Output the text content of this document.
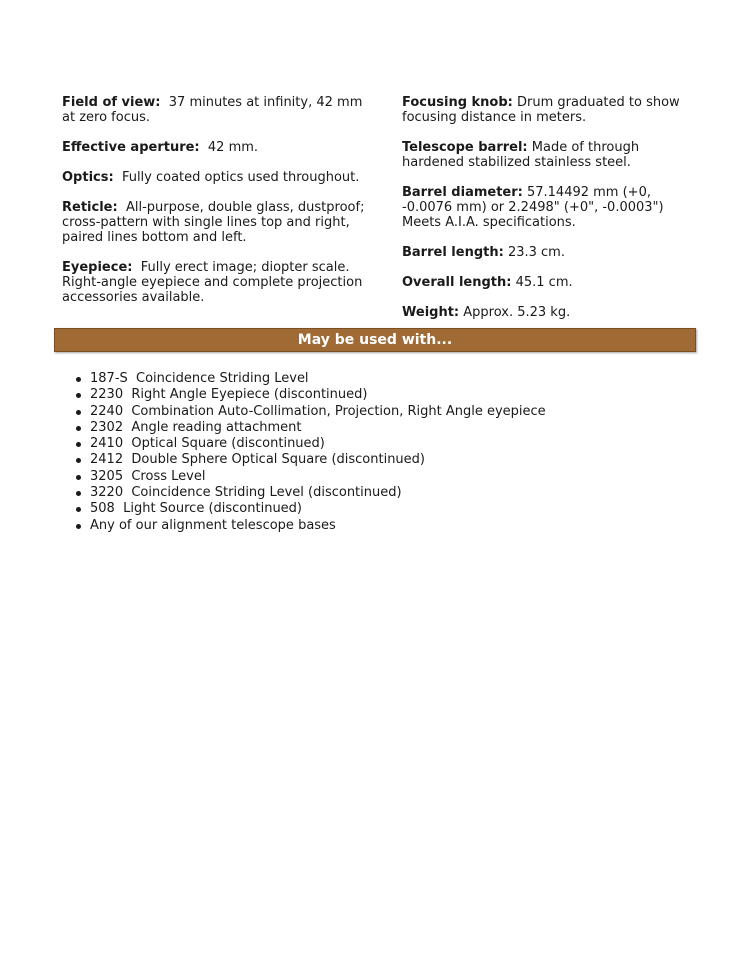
Field of view: 37 minutes at infinity, 42 mm at zero focus.
Effective aperture: 42 mm.
Optics: Fully coated optics used throughout.
Reticle: All-purpose, double glass, dustproof; cross-pattern with single lines top and right, paired lines bottom and left.
Eyepiece: Fully erect image; diopter scale. Right-angle eyepiece and complete projection accessories available.
Focusing knob: Drum graduated to show focusing distance in meters.
Telescope barrel: Made of through hardened stabilized stainless steel.
Barrel diameter: 57.14492 mm (+0, -0.0076 mm) or 2.2498" (+0", -0.0003") Meets A.I.A. specifications.
Barrel length: 23.3 cm.
Overall length: 45.1 cm.
Weight: Approx. 5.23 kg.
May be used with...
187-S Coincidence Striding Level
2230 Right Angle Eyepiece (discontinued)
2240 Combination Auto-Collimation, Projection, Right Angle eyepiece
2302 Angle reading attachment
2410 Optical Square (discontinued)
2412 Double Sphere Optical Square (discontinued)
3205 Cross Level
3220 Coincidence Striding Level (discontinued)
508 Light Source (discontinued)
Any of our alignment telescope bases
